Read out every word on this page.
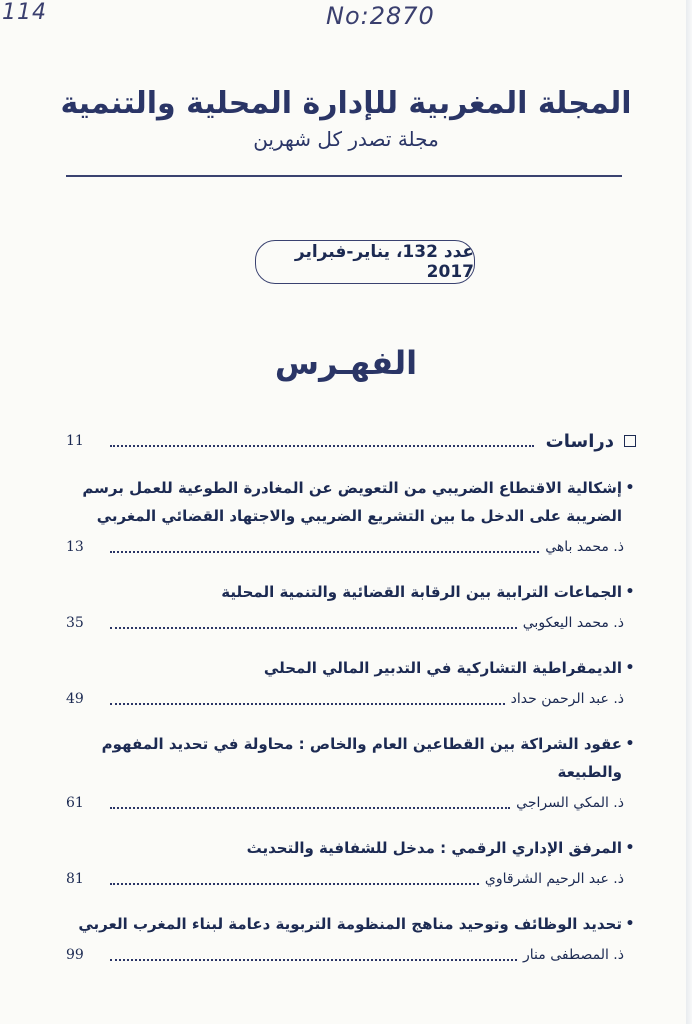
114	No:2870
المجلة المغربية للإدارة المحلية والتنمية
مجلة تصدر كل شهرين
عدد 132، يناير-فبراير 2017
الفهـرس
دراسات
11
•
إشكالية الاقتطاع الضريبي من التعويض عن المغادرة الطوعية للعمل برسم الضريبة على الدخل ما بين التشريع الضريبي والاجتهاد القضائي المغربي
ذ. محمد باهي
13
•
الجماعات الترابية بين الرقابة القضائية والتنمية المحلية
ذ. محمد اليعكوبي
35
•
الديمقراطية التشاركية في التدبير المالي المحلي
ذ. عبد الرحمن حداد
49
•
عقود الشراكة بين القطاعين العام والخاص : محاولة في تحديد المفهوم والطبيعة
ذ. المكي السراجي
61
•
المرفق الإداري الرقمي : مدخل للشفافية والتحديث
ذ. عبد الرحيم الشرقاوي
81
•
تحديد الوظائف وتوحيد مناهج المنظومة التربوية دعامة لبناء المغرب العربي
ذ. المصطفى منار
99
